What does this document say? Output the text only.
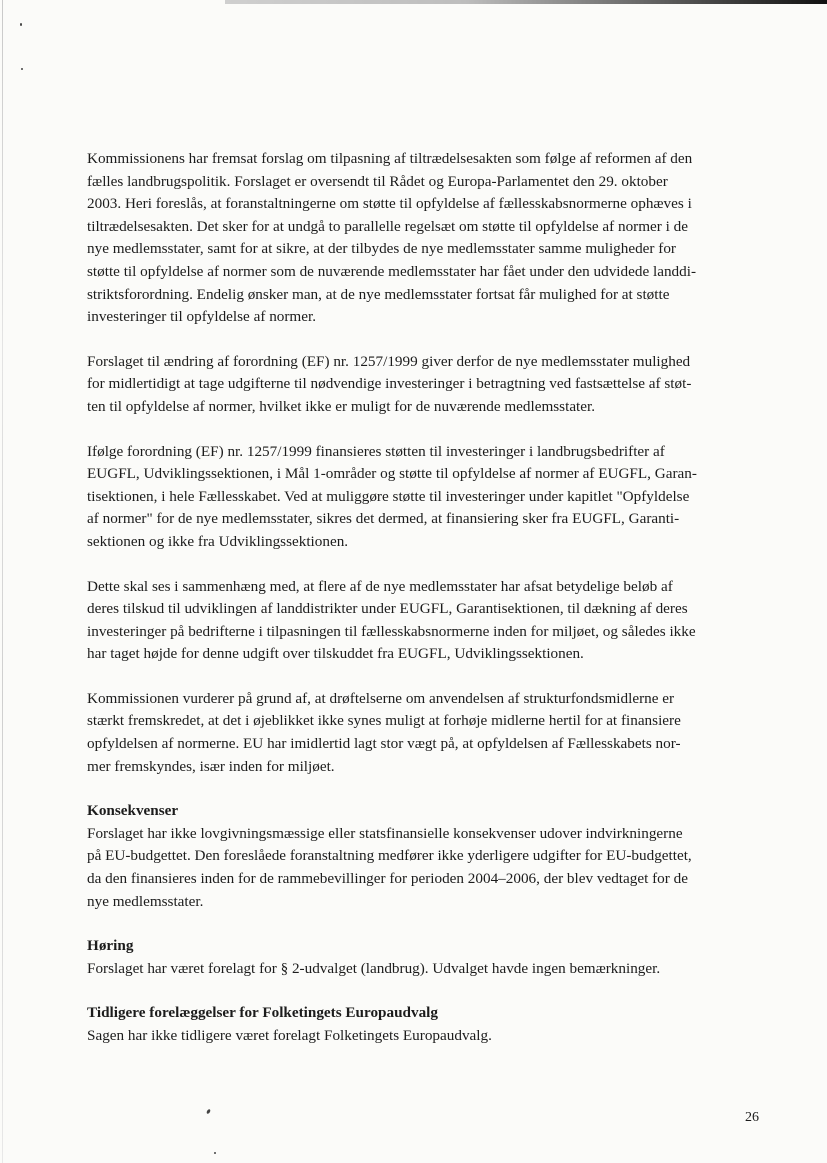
Kommissionens har fremsat forslag om tilpasning af tiltrædelsesakten som følge af reformen af den
fælles landbrugspolitik. Forslaget er oversendt til Rådet og Europa-Parlamentet den 29. oktober
2003. Heri foreslås, at foranstaltningerne om støtte til opfyldelse af fællesskabsnormerne ophæves i
tiltrædelsesakten. Det sker for at undgå to parallelle regelsæt om støtte til opfyldelse af normer i de
nye medlemsstater, samt for at sikre, at der tilbydes de nye medlemsstater samme muligheder for
støtte til opfyldelse af normer som de nuværende medlemsstater har fået under den udvidede landdi-
striktsforordning. Endelig ønsker man, at de nye medlemsstater fortsat får mulighed for at støtte
investeringer til opfyldelse af normer.

Forslaget til ændring af forordning (EF) nr. 1257/1999 giver derfor de nye medlemsstater mulighed
for midlertidigt at tage udgifterne til nødvendige investeringer i betragtning ved fastsættelse af støt-
ten til opfyldelse af normer, hvilket ikke er muligt for de nuværende medlemsstater.

Ifølge forordning (EF) nr. 1257/1999 finansieres støtten til investeringer i landbrugsbedrifter af
EUGFL, Udviklingssektionen, i Mål 1-områder og støtte til opfyldelse af normer af EUGFL, Garan-
tisektionen, i hele Fællesskabet. Ved at muliggøre støtte til investeringer under kapitlet "Opfyldelse
af normer" for de nye medlemsstater, sikres det dermed, at finansiering sker fra EUGFL, Garanti-
sektionen og ikke fra Udviklingssektionen.

Dette skal ses i sammenhæng med, at flere af de nye medlemsstater har afsat betydelige beløb af
deres tilskud til udviklingen af landdistrikter under EUGFL, Garantisektionen, til dækning af deres
investeringer på bedrifterne i tilpasningen til fællesskabsnormerne inden for miljøet, og således ikke
har taget højde for denne udgift over tilskuddet fra EUGFL, Udviklingssektionen.

Kommissionen vurderer på grund af, at drøftelserne om anvendelsen af strukturfondsmidlerne er
stærkt fremskredet, at det i øjeblikket ikke synes muligt at forhøje midlerne hertil for at finansiere
opfyldelsen af normerne. EU har imidlertid lagt stor vægt på, at opfyldelsen af Fællesskabets nor-
mer fremskyndes, især inden for miljøet.

Konsekvenser
Forslaget har ikke lovgivningsmæssige eller statsfinansielle konsekvenser udover indvirkningerne
på EU-budgettet. Den foreslåede foranstaltning medfører ikke yderligere udgifter for EU-budgettet,
da den finansieres inden for de rammebevillinger for perioden 2004–2006, der blev vedtaget for de
nye medlemsstater.

Høring
Forslaget har været forelagt for § 2-udvalget (landbrug). Udvalget havde ingen bemærkninger.

Tidligere forelæggelser for Folketingets Europaudvalg
Sagen har ikke tidligere været forelagt Folketingets Europaudvalg.

26
